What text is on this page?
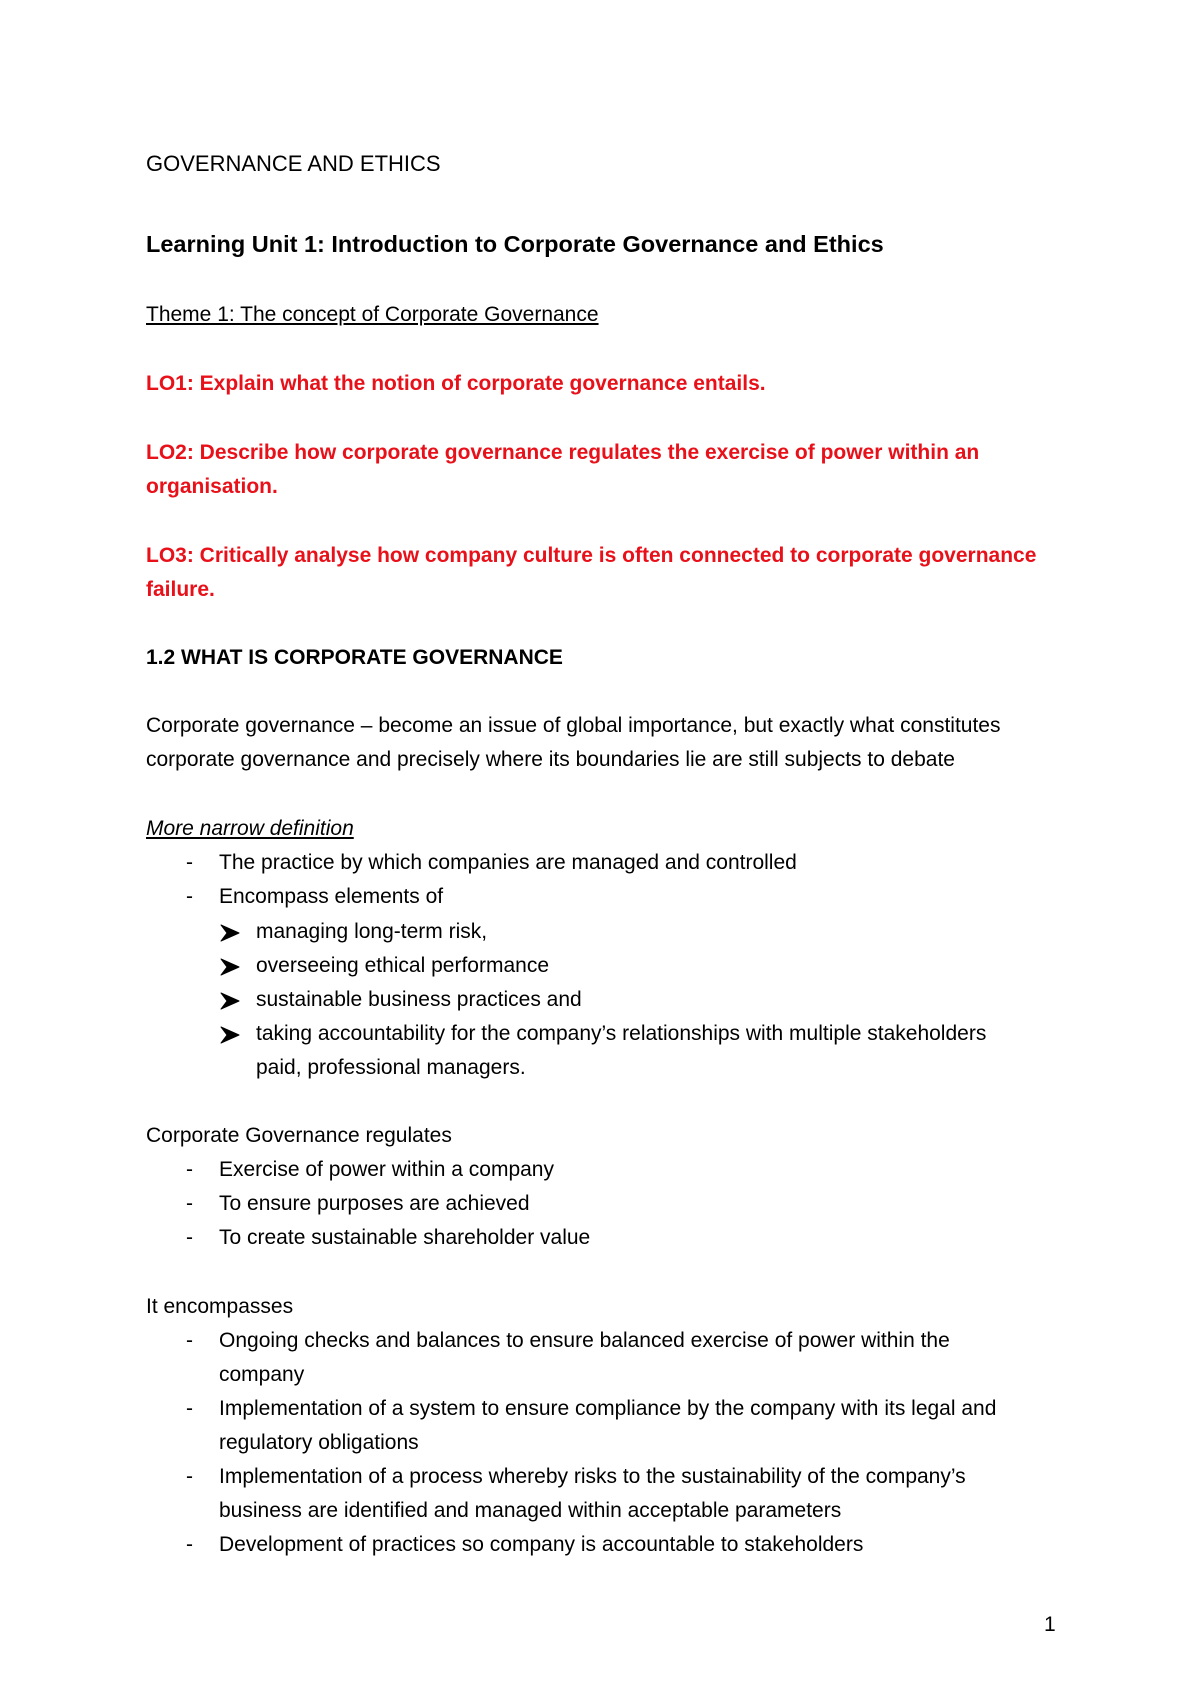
GOVERNANCE AND ETHICS
Learning Unit 1: Introduction to Corporate Governance and Ethics
Theme 1: The concept of Corporate Governance
LO1: Explain what the notion of corporate governance entails.
LO2: Describe how corporate governance regulates the exercise of power within an
organisation.
LO3: Critically analyse how company culture is often connected to corporate governance
failure.
1.2 WHAT IS CORPORATE GOVERNANCE
Corporate governance – become an issue of global importance, but exactly what constitutes
corporate governance and precisely where its boundaries lie are still subjects to debate
More narrow definition
- The practice by which companies are managed and controlled
- Encompass elements of
managing long-term risk,
overseeing ethical performance
sustainable business practices and
taking accountability for the company’s relationships with multiple stakeholders
paid, professional managers.
Corporate Governance regulates
- Exercise of power within a company
- To ensure purposes are achieved
- To create sustainable shareholder value
It encompasses
- Ongoing checks and balances to ensure balanced exercise of power within the
company
- Implementation of a system to ensure compliance by the company with its legal and
regulatory obligations
- Implementation of a process whereby risks to the sustainability of the company’s
business are identified and managed within acceptable parameters
- Development of practices so company is accountable to stakeholders
1
